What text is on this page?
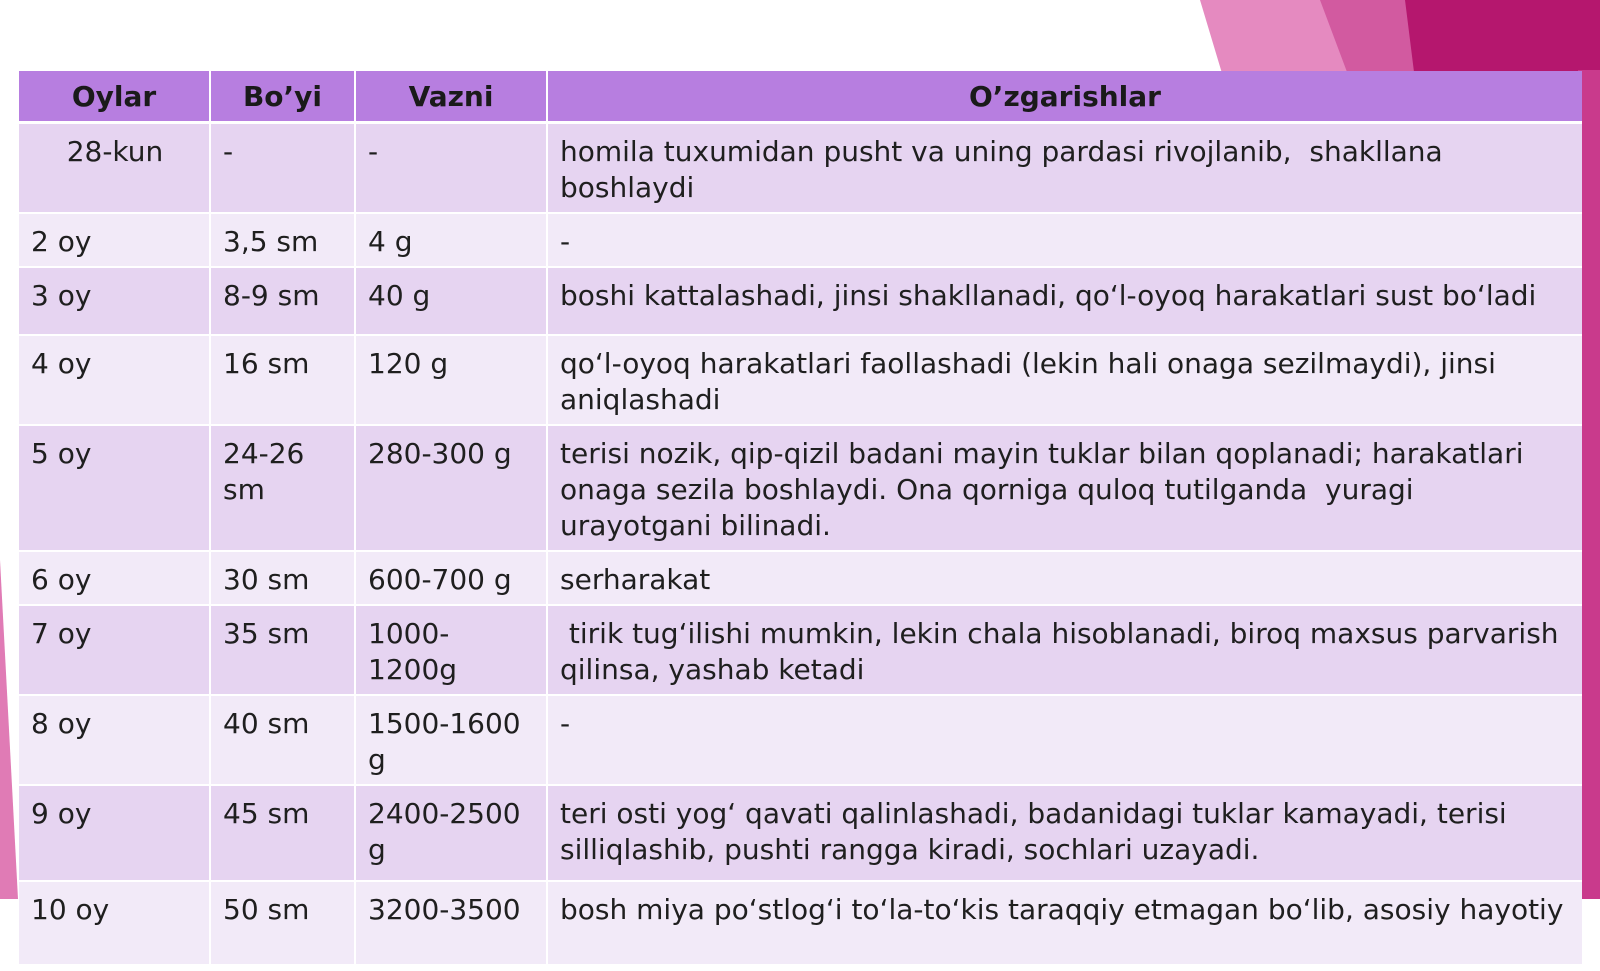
Oylar	Bo’yi	Vazni	O’zgarishlar
28-kun	-	-	homila tuxumidan pusht va uning pardasi rivojlanib,  shakllana boshlaydi
2 oy	3,5 sm	4 g	-
3 oy	8-9 sm	40 g	boshi kattalashadi, jinsi shakllanadi, qo‘l-oyoq harakatlari sust bo‘ladi
4 oy	16 sm	120 g	qo‘l-oyoq harakatlari faollashadi (lekin hali onaga sezilmaydi), jinsi aniqlashadi
5 oy	24-26 sm	280-300 g	terisi nozik, qip-qizil badani mayin tuklar bilan qoplanadi; harakatlari onaga sezila boshlaydi. Ona qorniga quloq tutilganda  yuragi urayotgani bilinadi.
6 oy	30 sm	600-700 g	serharakat
7 oy	35 sm	1000-1200g	tirik tug‘ilishi mumkin, lekin chala hisoblanadi, biroq maxsus parvarish qilinsa, yashab ketadi
8 oy	40 sm	1500-1600 g	-
9 oy	45 sm	2400-2500 g	teri osti yog‘ qavati qalinlashadi, badanidagi tuklar kamayadi, terisi silliqlashib, pushti rangga kiradi, sochlari uzayadi.
10 oy	50 sm	3200-3500	bosh miya po‘stlog‘i to‘la-to‘kis taraqqiy etmagan bo‘lib, asosiy hayotiy
